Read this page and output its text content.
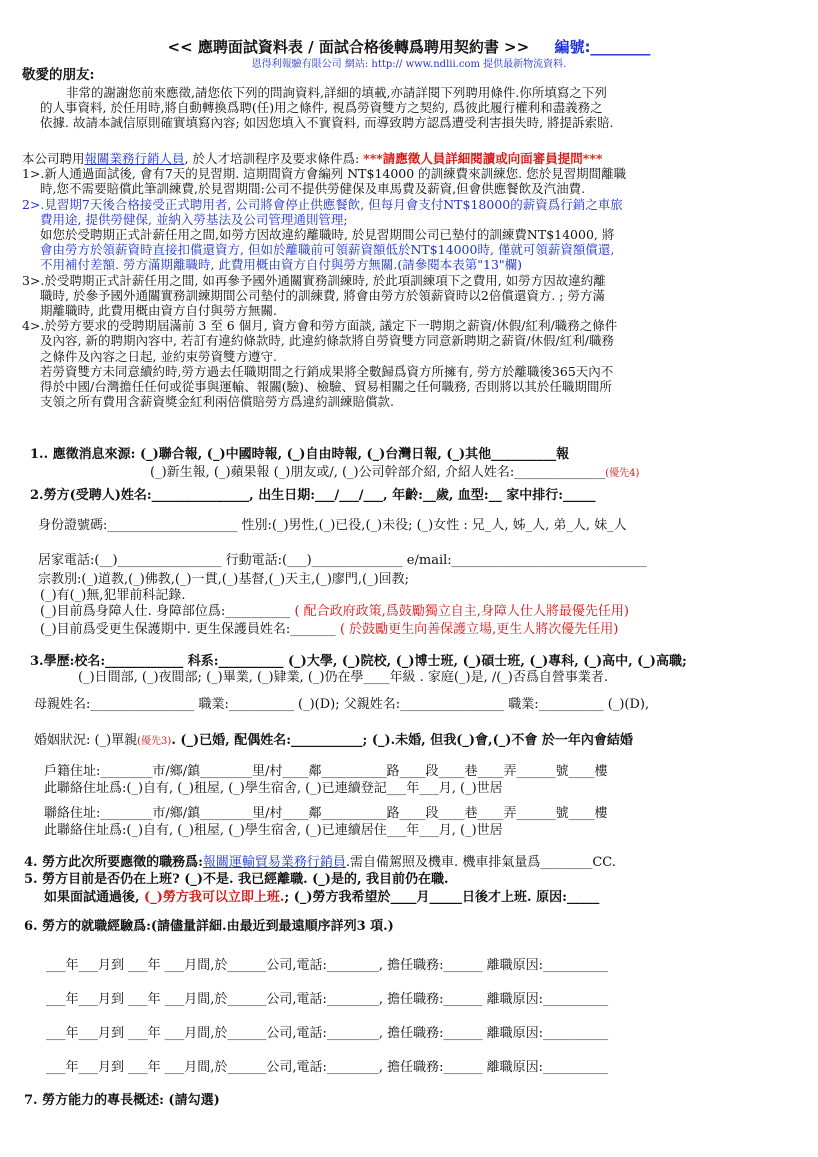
<< 應聘面試資料表 / 面試合格後轉爲聘用契約書 >> 編號:________
恩得利報驗有限公司 網站: http:// www.ndlii.com 提供最新物流資料.
敬愛的朋友:

非常的謝謝您前來應徵,請您依下列的問詢資料,詳細的填載,亦請詳閱下列聘用條件.你所填寫之下列

的人事資料, 於任用時,將自動轉換爲聘(任)用之條件, 視爲勞資雙方之契約, 爲彼此履行權利和盡義務之

依據. 故請本誠信原則確實填寫內容; 如因您填入不實資料, 而導致聘方認爲遭受利害損失時, 將提訴索賠.

本公司聘用報關業務行銷人員, 於人才培訓程序及要求條件爲: ***請應徵人員詳細閱讀或向面審員提問***

1>.新人通過面試後, 會有7天的見習期. 這期間資方會編列 NT$14000 的訓練費來訓練您. 您於見習期間離職

時,您不需要賠償此筆訓練費,於見習期間:公司不提供勞健保及車馬費及薪資,但會供應餐飲及汽油費.

2>.見習期7天後合格接受正式聘用者, 公司將會停止供應餐飲, 但每月會支付NT$18000的薪資爲行銷之車旅

費用途, 提供勞健保, 並納入勞基法及公司管理通則管理;

如您於受聘期正式計薪任用之間,如勞方因故違約離職時, 於見習期間公司已墊付的訓練費NT$14000, 將

會由勞方於領薪資時直接扣償還資方, 但如於離職前可領薪資額低於NT$14000時, 僅就可領薪資額償還,

不用補付差額. 勞方滿期離職時, 此費用概由資方自付與勞方無關.(請參閱本表第"13"欄)

3>.於受聘期正式計薪任用之間, 如再參予國外通關實務訓練時, 於此項訓練項下之費用, 如勞方因故違約離

職時, 於參予國外通關實務訓練期間公司墊付的訓練費, 將會由勞方於領薪資時以2倍償還資方. ; 勞方滿

期離職時, 此費用概由資方自付與勞方無關.

4>.於勞方要求的受聘期屆滿前 3 至 6 個月, 資方會和勞方面談, 議定下一聘期之薪資/休假/紅利/職務之條件

及內容, 新的聘期內容中, 若訂有違約條款時, 此違約條款將自勞資雙方同意新聘期之薪資/休假/紅利/職務

之條件及內容之日起, 並約束勞資雙方遵守.

若勞資雙方未同意續約時,勞方過去任職期間之行銷成果將全數歸爲資方所擁有, 勞方於離職後365天內不

得於中國/台灣擔任任何或從事與運輸、報關(驗)、檢驗、貿易相關之任何職務, 否則將以其於任職期間所

支領之所有費用含薪資獎金紅利兩倍償賠勞方爲違約訓練賠償款.

1.. 應徵消息來源: (_)聯合報, (_)中國時報, (_)自由時報, (_)台灣日報, (_)其他__________報
(_)新生報, (_)蘋果報 (_)朋友或/, (_)公司幹部介紹, 介紹人姓名:______________(優先4)
2.勞方(受聘人)姓名:_______________, 出生日期:___/___/___, 年齡:__歲, 血型:__ 家中排行:_____
身份證號碼:____________________ 性別:(_)男性,(_)已役,(_)未役; (_)女性 : 兄_人, 姊_人, 弟_人, 妹_人
居家電話:(__)________________ 行動電話:(___)______________ e/mail:______________________________
宗教別:(_)道教,(_)佛教,(_)一貫,(_)基督,(_)天主,(_)廖門,(_)回教;
(_)有(_)無,犯罪前科記錄.
(_)目前爲身障人仕. 身障部位爲:__________ ( 配合政府政策,爲鼓勵獨立自主,身障人仕人將最優先任用)
(_)目前爲受更生保護期中. 更生保護員姓名:_______ ( 於鼓勵更生向善保護立場,更生人將次優先任用)
3.學歷:校名:____________ 科系:__________ (_)大學, (_)院校, (_)博士班, (_)碩士班, (_)專科, (_)高中, (_)高職;
(_)日間部, (_)夜間部; (_)畢業, (_)肄業, (_)仍在學____年級 . 家庭(_)是, /(_)否爲自營事業者.
母親姓名:________________ 職業:__________ (_)(D); 父親姓名:________________ 職業:__________ (_)(D),
婚姻狀況: (_)單親(優先3). (_)已婚, 配偶姓名:___________; (_).未婚, 但我(_)會,(_)不會 於一年內會結婚
戶籍住址:________市/鄉/鎮________里/村____鄰__________路____段____巷____弄______號____樓
此聯絡住址爲:(_)自有, (_)租屋, (_)學生宿舍, (_)已連續登記___年___月, (_)世居
聯絡住址:________市/鄉/鎮________里/村____鄰__________路____段____巷____弄______號____樓
此聯絡住址爲:(_)自有, (_)租屋, (_)學生宿舍, (_)已連續居住___年___月, (_)世居
4. 勞方此次所要應徵的職務爲:報關運輸貿易業務行銷員.需自備駕照及機車. 機車排氣量爲________CC.
5. 勞方目前是否仍在上班? (_)不是. 我已經離職. (_)是的, 我目前仍在職.
如果面試通過後, (_)勞方我可以立即上班.; (_)勞方我希望於____月_____日後才上班. 原因:_____
6. 勞方的就職經驗爲:(請儘量詳細.由最近到最遠順序詳列3 項.)
___年___月到 ___年 ___月間,於______公司,電話:________, 擔任職務:______ 離職原因:__________
___年___月到 ___年 ___月間,於______公司,電話:________, 擔任職務:______ 離職原因:__________
___年___月到 ___年 ___月間,於______公司,電話:________, 擔任職務:______ 離職原因:__________
___年___月到 ___年 ___月間,於______公司,電話:________, 擔任職務:______ 離職原因:__________
7. 勞方能力的專長概述: (請勾選)
